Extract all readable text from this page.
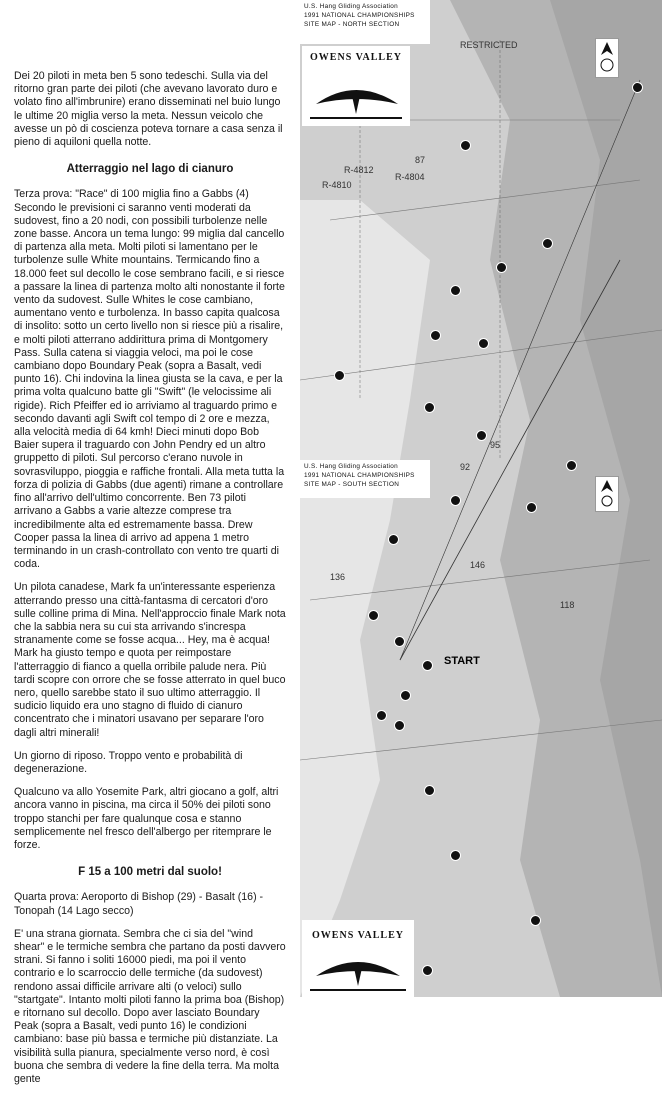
Dei 20 piloti in meta ben 5 sono tedeschi. Sulla via del ritorno gran parte dei piloti (che avevano lavorato duro e volato fino all'imbrunire) erano disseminati nel buio lungo le ultime 20 miglia verso la meta. Nessun veicolo che avesse un pò di coscienza poteva tornare a casa senza il pieno di aquiloni quella notte.

Atterraggio nel lago di cianuro

Terza prova: "Race" di 100 miglia fino a Gabbs (4) Secondo le previsioni ci saranno venti moderati da sudovest, fino a 20 nodi, con possibili turbolenze nelle zone basse. Ancora un tema lungo: 99 miglia dal cancello di partenza alla meta. Molti piloti si lamentano per le turbolenze sulle White mountains. Termicando fino a 18.000 feet sul decollo le cose sembrano facili, e si riesce a passare la linea di partenza molto alti nonostante il forte vento da sudovest. Sulle Whites le cose cambiano, aumentano vento e turbolenza. In basso capita qualcosa di insolito: sotto un certo livello non si riesce più a risalire, e molti piloti atterrano addirittura prima di Montgomery Pass. Sulla catena si viaggia veloci, ma poi le cose cambiano dopo Boundary Peak (sopra a Basalt, vedi punto 16). Chi indovina la linea giusta se la cava, e per la prima volta qualcuno batte gli "Swift" (le velocissime ali rigide). Rich Pfeiffer ed io arriviamo al traguardo primo e secondo davanti agli Swift col tempo di 2 ore e mezza, alla velocità media di 64 kmh! Dieci minuti dopo Bob Baier supera il traguardo con John Pendry ed un altro gruppetto di piloti. Sul percorso c'erano nuvole in sovrasviluppo, pioggia e raffiche frontali. Alla meta tutta la forza di polizia di Gabbs (due agenti) rimane a controllare fino all'arrivo dell'ultimo concorrente. Ben 73 piloti arrivano a Gabbs a varie altezze comprese tra incredibilmente alta ed estremamente bassa. Drew Cooper passa la linea di arrivo ad appena 1 metro terminando in un crash-controllato con vento tre quarti di coda.

Un pilota canadese, Mark fa un'interessante esperienza atterrando presso una città-fantasma di cercatori d'oro sulle colline prima di Mina. Nell'approccio finale Mark nota che la sabbia nera su cui sta arrivando s'increspa stranamente come se fosse acqua... Hey, ma è acqua! Mark ha giusto tempo e quota per reimpostare l'atterraggio di fianco a quella orribile palude nera. Più tardi scopre con orrore che se fosse atterrato in quel buco nero, quello sarebbe stato il suo ultimo atterraggio. Il sudicio liquido era uno stagno di fluido di cianuro concentrato che i minatori usavano per separare l'oro dagli altri minerali!

Un giorno di riposo. Troppo vento e probabilità di degenerazione.

Qualcuno va allo Yosemite Park, altri giocano a golf, altri ancora vanno in piscina, ma circa il 50% dei piloti sono troppo stanchi per fare qualunque cosa e stanno semplicemente nel fresco dell'albergo per ritemprare le forze.

F 15 a 100 metri dal suolo!

Quarta prova: Aeroporto di Bishop (29) - Basalt (16) - Tonopah (14 Lago secco)

E' una strana giornata. Sembra che ci sia del "wind shear" e le termiche sembra che partano da posti davvero strani. Si fanno i soliti 16000 piedi, ma poi il vento contrario e lo scarroccio delle termiche (da sudovest) rendono assai difficile arrivare alti (o veloci) sullo "startgate". Intanto molti piloti fanno la prima boa (Bishop) e ritornano sul decollo. Dopo aver lasciato Boundary Peak (sopra a Basalt, vedi punto 16) le condizioni cambiano: base più bassa e termiche più distanziate. La visibilità sulla pianura, specialmente verso nord, è così buona che sembra di vedere la fine della terra. Ma molta gente

U.S. Hang Gliding Association
1991 NATIONAL CHAMPIONSHIPS
SITE MAP - NORTH SECTION
OWENS VALLEY
RESTRICTED
R-4812
R-4804
R-4810
87
95
92
118
136
146
U.S. Hang Gliding Association
1991 NATIONAL CHAMPIONSHIPS
SITE MAP - SOUTH SECTION
START
OWENS VALLEY
